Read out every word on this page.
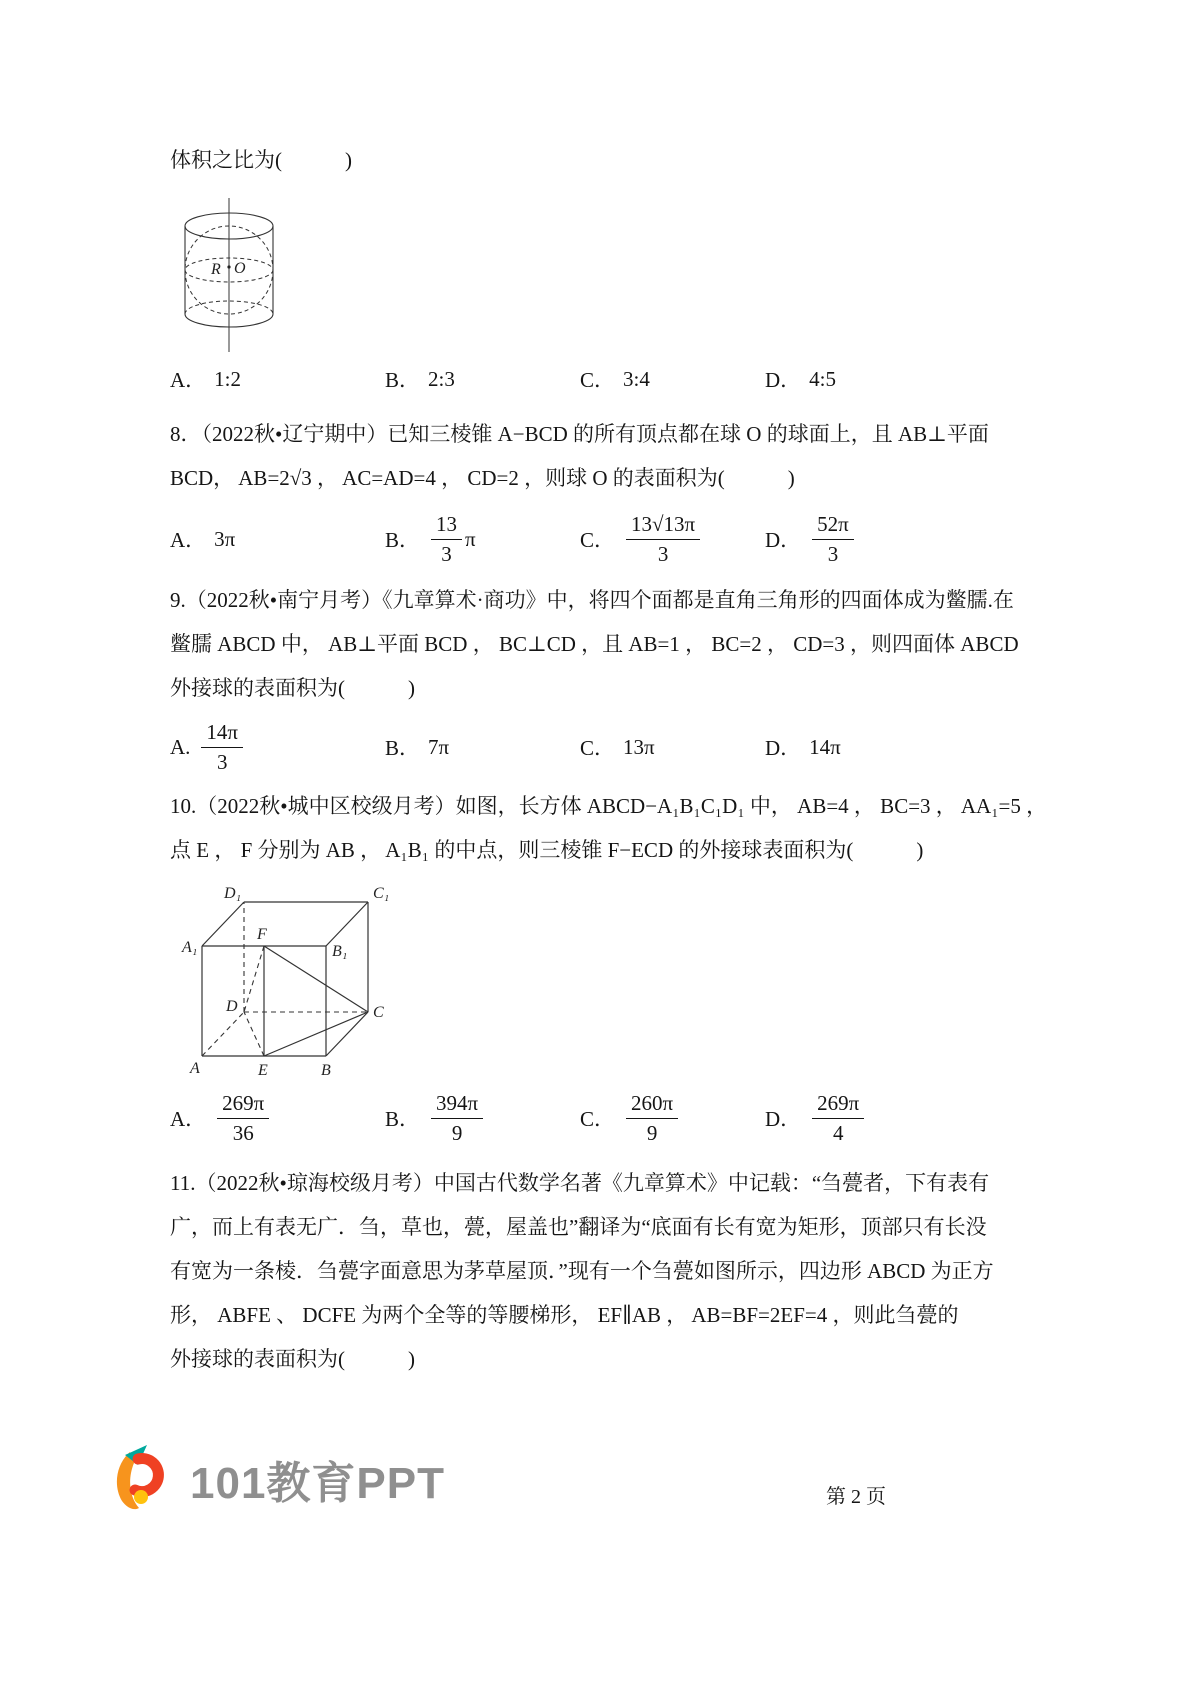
体积之比为(　　　)
R O
A． 1:2	B． 2:3	C． 3:4	D． 4:5
8．（2022秋•辽宁期中）已知三棱锥 A−BCD 的所有顶点都在球 O 的球面上，且 AB⊥平面
BCD， AB=2√3 ， AC=AD=4 ， CD=2 ，则球 O 的表面积为(　　　)
A． 3π	B． $\frac{13}{3}$ π	C． $\frac{13√13\pi}{3}$	D． $\frac{52\pi}{3}$
9.（2022秋•南宁月考）《九章算术·商功》中，将四个面都是直角三角形的四面体成为鳖臑.在
鳖臑 ABCD 中， AB⊥平面 BCD ， BC⊥CD ，且 AB=1 ， BC=2 ， CD=3 ，则四面体 ABCD
外接球的表面积为(　　　)
A. $\frac{14\pi}{3}$	B． 7π	C． 13π	D． 14π
10.（2022秋•城中区校级月考）如图，长方体 ABCD−A₁B₁C₁D₁ 中， AB=4 ， BC=3 ， AA₁=5 ，
点 E ， F 分别为 AB ， A₁B₁ 的中点，则三棱锥 F−ECD 的外接球表面积为(　　　)
A	E	B
D	C
A₁	B₁
F
D₁	C₁
A． $\frac{269\pi}{36}$	B． $\frac{394\pi}{9}$	C． $\frac{260\pi}{9}$	D． $\frac{269\pi}{4}$
11.（2022秋•琼海校级月考）中国古代数学名著《九章算术》中记载：“刍甍者，下有表有
广，而上有表无广．刍，草也，甍，屋盖也”翻译为“底面有长有宽为矩形，顶部只有长没
有宽为一条棱．刍甍字面意思为茅草屋顶．”现有一个刍甍如图所示，四边形 ABCD 为正方
形， ABFE 、 DCFE 为两个全等的等腰梯形， EF∥AB ， AB=BF=2EF=4 ，则此刍甍的
外接球的表面积为(　　　)
101教育PPT	第 2 页
